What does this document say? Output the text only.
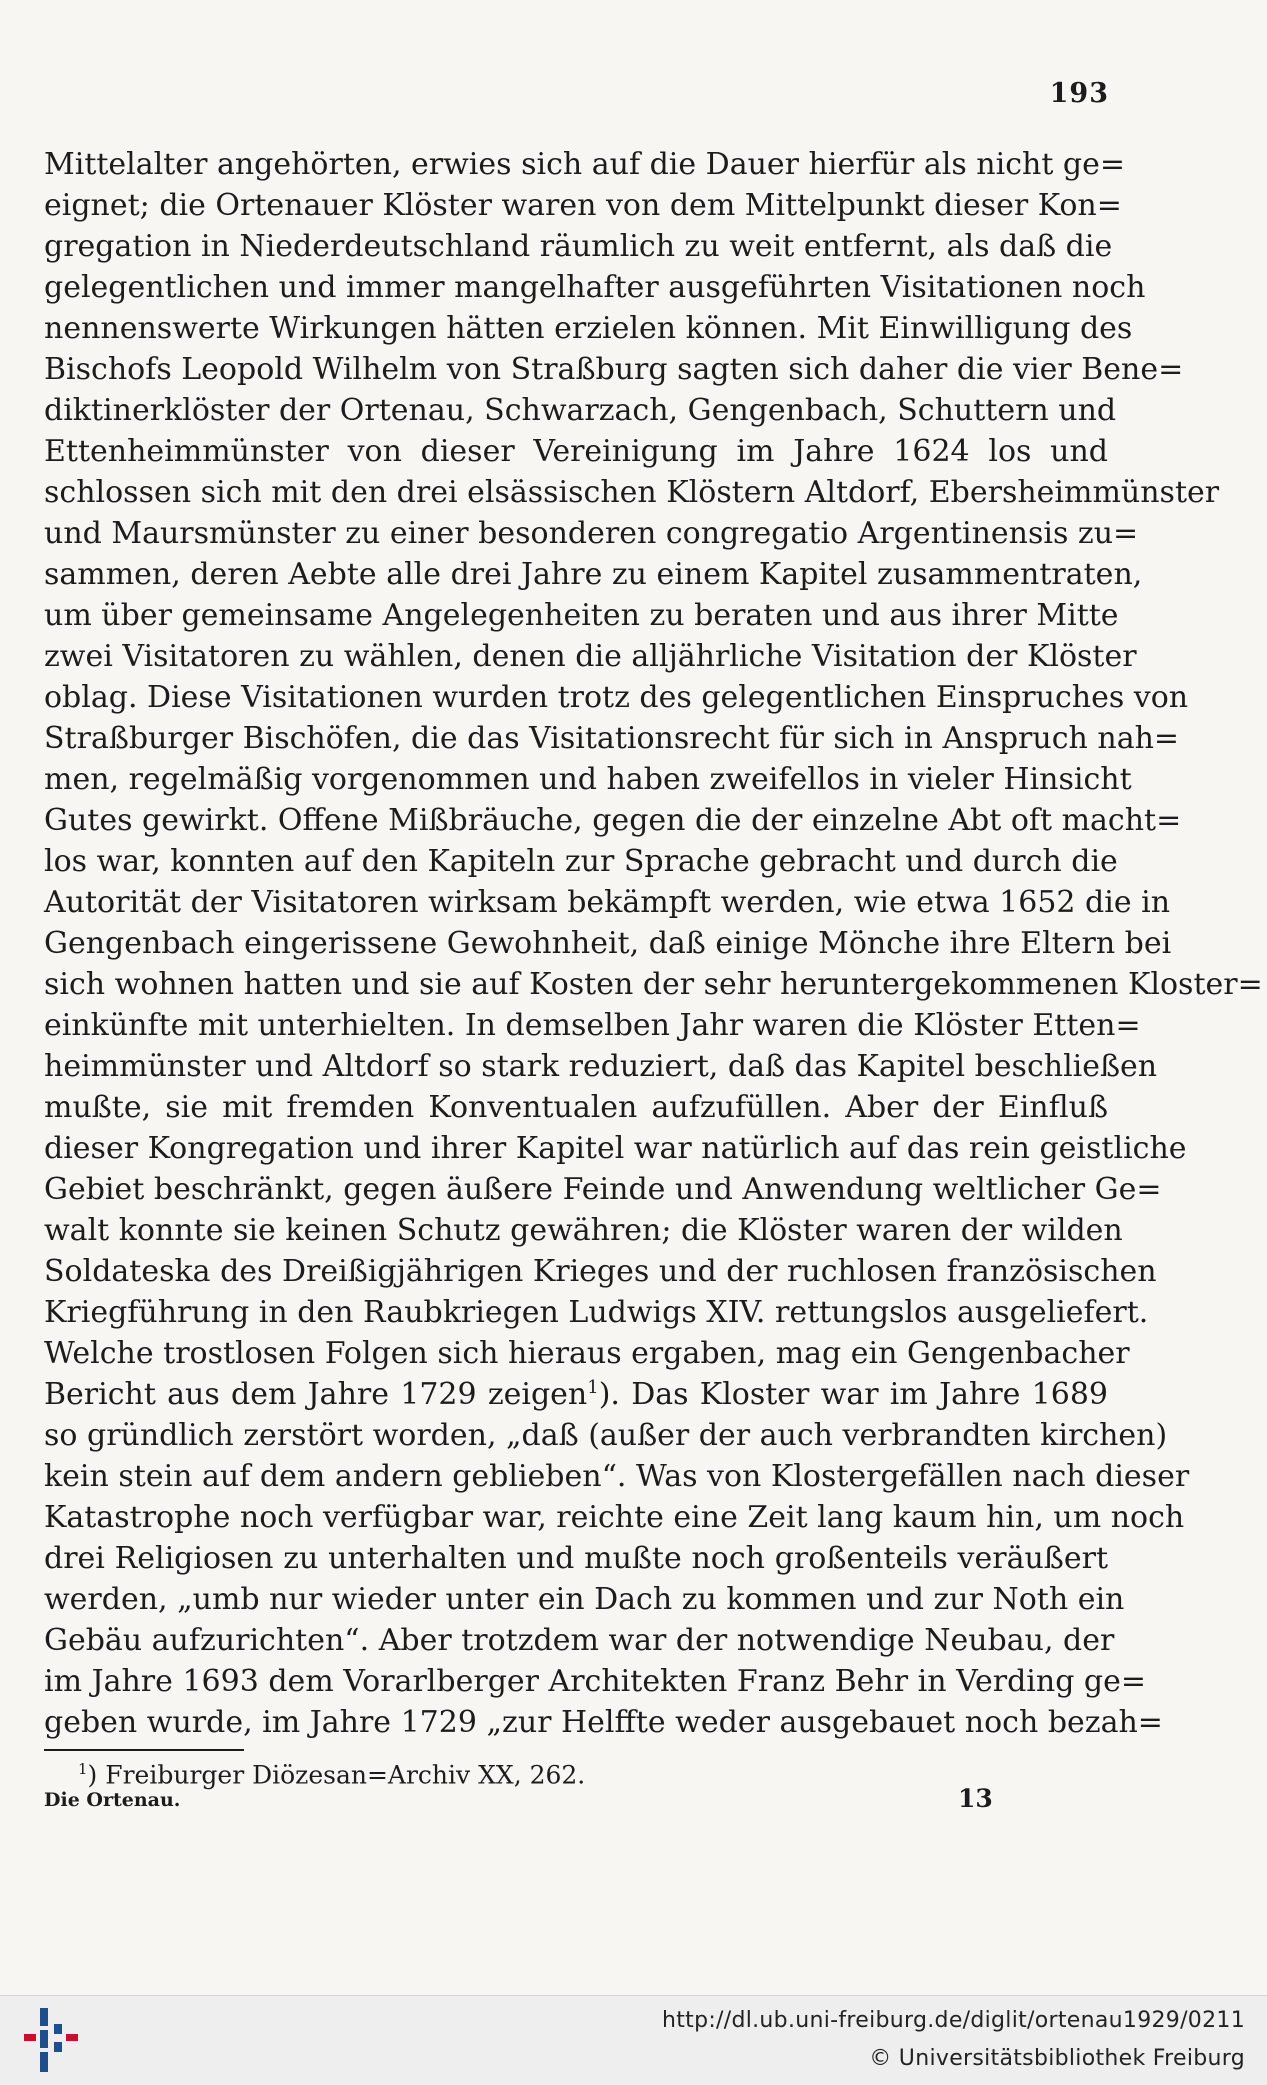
193
Mittelalter angehörten, erwies sich auf die Dauer hierfür als nicht ge=
eignet; die Ortenauer Klöster waren von dem Mittelpunkt dieser Kon=
gregation in Niederdeutschland räumlich zu weit entfernt, als daß die
gelegentlichen und immer mangelhafter ausgeführten Visitationen noch
nennenswerte Wirkungen hätten erzielen können. Mit Einwilligung des
Bischofs Leopold Wilhelm von Straßburg sagten sich daher die vier Bene=
diktinerklöster der Ortenau, Schwarzach, Gengenbach, Schuttern und
Ettenheimmünster von dieser Vereinigung im Jahre 1624 los und
schlossen sich mit den drei elsässischen Klöstern Altdorf, Ebersheimmünster
und Maursmünster zu einer besonderen congregatio Argentinensis zu=
sammen, deren Aebte alle drei Jahre zu einem Kapitel zusammentraten,
um über gemeinsame Angelegenheiten zu beraten und aus ihrer Mitte
zwei Visitatoren zu wählen, denen die alljährliche Visitation der Klöster
oblag. Diese Visitationen wurden trotz des gelegentlichen Einspruches von
Straßburger Bischöfen, die das Visitationsrecht für sich in Anspruch nah=
men, regelmäßig vorgenommen und haben zweifellos in vieler Hinsicht
Gutes gewirkt. Offene Mißbräuche, gegen die der einzelne Abt oft macht=
los war, konnten auf den Kapiteln zur Sprache gebracht und durch die
Autorität der Visitatoren wirksam bekämpft werden, wie etwa 1652 die in
Gengenbach eingerissene Gewohnheit, daß einige Mönche ihre Eltern bei
sich wohnen hatten und sie auf Kosten der sehr heruntergekommenen Kloster=
einkünfte mit unterhielten. In demselben Jahr waren die Klöster Etten=
heimmünster und Altdorf so stark reduziert, daß das Kapitel beschließen
mußte, sie mit fremden Konventualen aufzufüllen. Aber der Einfluß
dieser Kongregation und ihrer Kapitel war natürlich auf das rein geistliche
Gebiet beschränkt, gegen äußere Feinde und Anwendung weltlicher Ge=
walt konnte sie keinen Schutz gewähren; die Klöster waren der wilden
Soldateska des Dreißigjährigen Krieges und der ruchlosen französischen
Kriegführung in den Raubkriegen Ludwigs XIV. rettungslos ausgeliefert.
Welche trostlosen Folgen sich hieraus ergaben, mag ein Gengenbacher
Bericht aus dem Jahre 1729 zeigen$^1$). Das Kloster war im Jahre 1689
so gründlich zerstört worden, „daß (außer der auch verbrandten kirchen)
kein stein auf dem andern geblieben“. Was von Klostergefällen nach dieser
Katastrophe noch verfügbar war, reichte eine Zeit lang kaum hin, um noch
drei Religiosen zu unterhalten und mußte noch großenteils veräußert
werden, „umb nur wieder unter ein Dach zu kommen und zur Noth ein
Gebäu aufzurichten“. Aber trotzdem war der notwendige Neubau, der
im Jahre 1693 dem Vorarlberger Architekten Franz Behr in Verding ge=
geben wurde, im Jahre 1729 „zur Helffte weder ausgebauet noch bezah=
$^1$) Freiburger Diözesan=Archiv XX, 262.
Die Ortenau.	13
http://dl.ub.uni-freiburg.de/diglit/ortenau1929/0211
© Universitätsbibliothek Freiburg
